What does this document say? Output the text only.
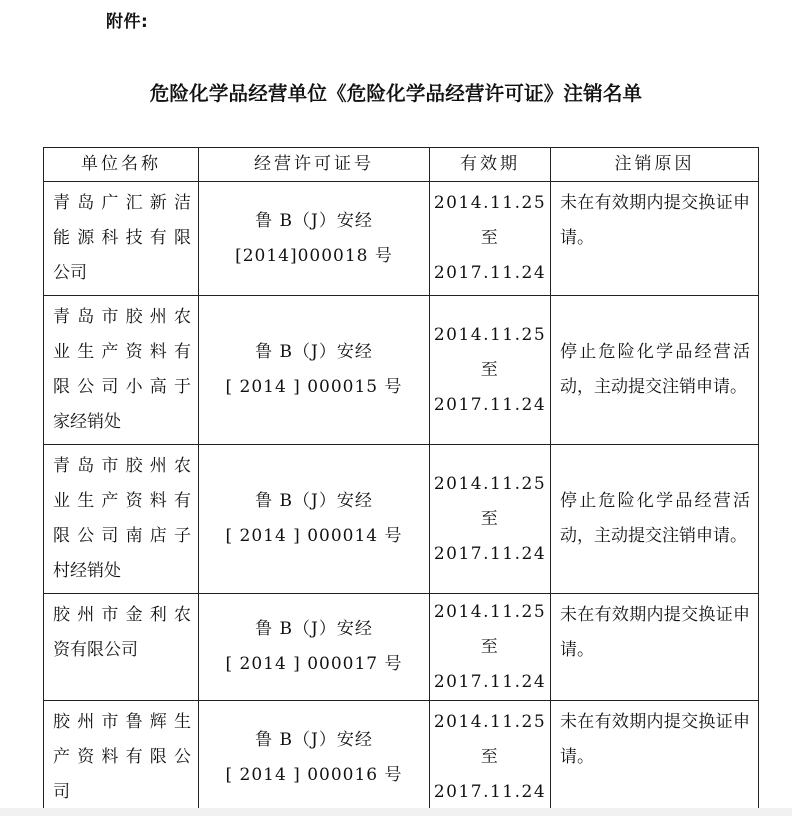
附件:
危险化学品经营单位《危险化学品经营许可证》注销名单
单位名称	经营许可证号	有效期	注销原因

青岛广汇新洁
能源科技有限
公司	鲁 B（J）安经
[2014]000018 号	2014.11.25
至
2017.11.24	未在有效期内提交换证申
请。

青岛市胶州农
业生产资料有
限公司小高于
家经销处	鲁 B（J）安经
[ 2014 ] 000015 号	2014.11.25
至
2017.11.24	停止危险化学品经营活
动，主动提交注销申请。

青岛市胶州农
业生产资料有
限公司南店子
村经销处	鲁 B（J）安经
[ 2014 ] 000014 号	2014.11.25
至
2017.11.24	停止危险化学品经营活
动，主动提交注销申请。

胶州市金利农
资有限公司	鲁 B（J）安经
[ 2014 ] 000017 号	2014.11.25
至
2017.11.24	未在有效期内提交换证申
请。

胶州市鲁辉生
产资料有限公
司	鲁 B（J）安经
[ 2014 ] 000016 号	2014.11.25
至
2017.11.24	未在有效期内提交换证申
请。
